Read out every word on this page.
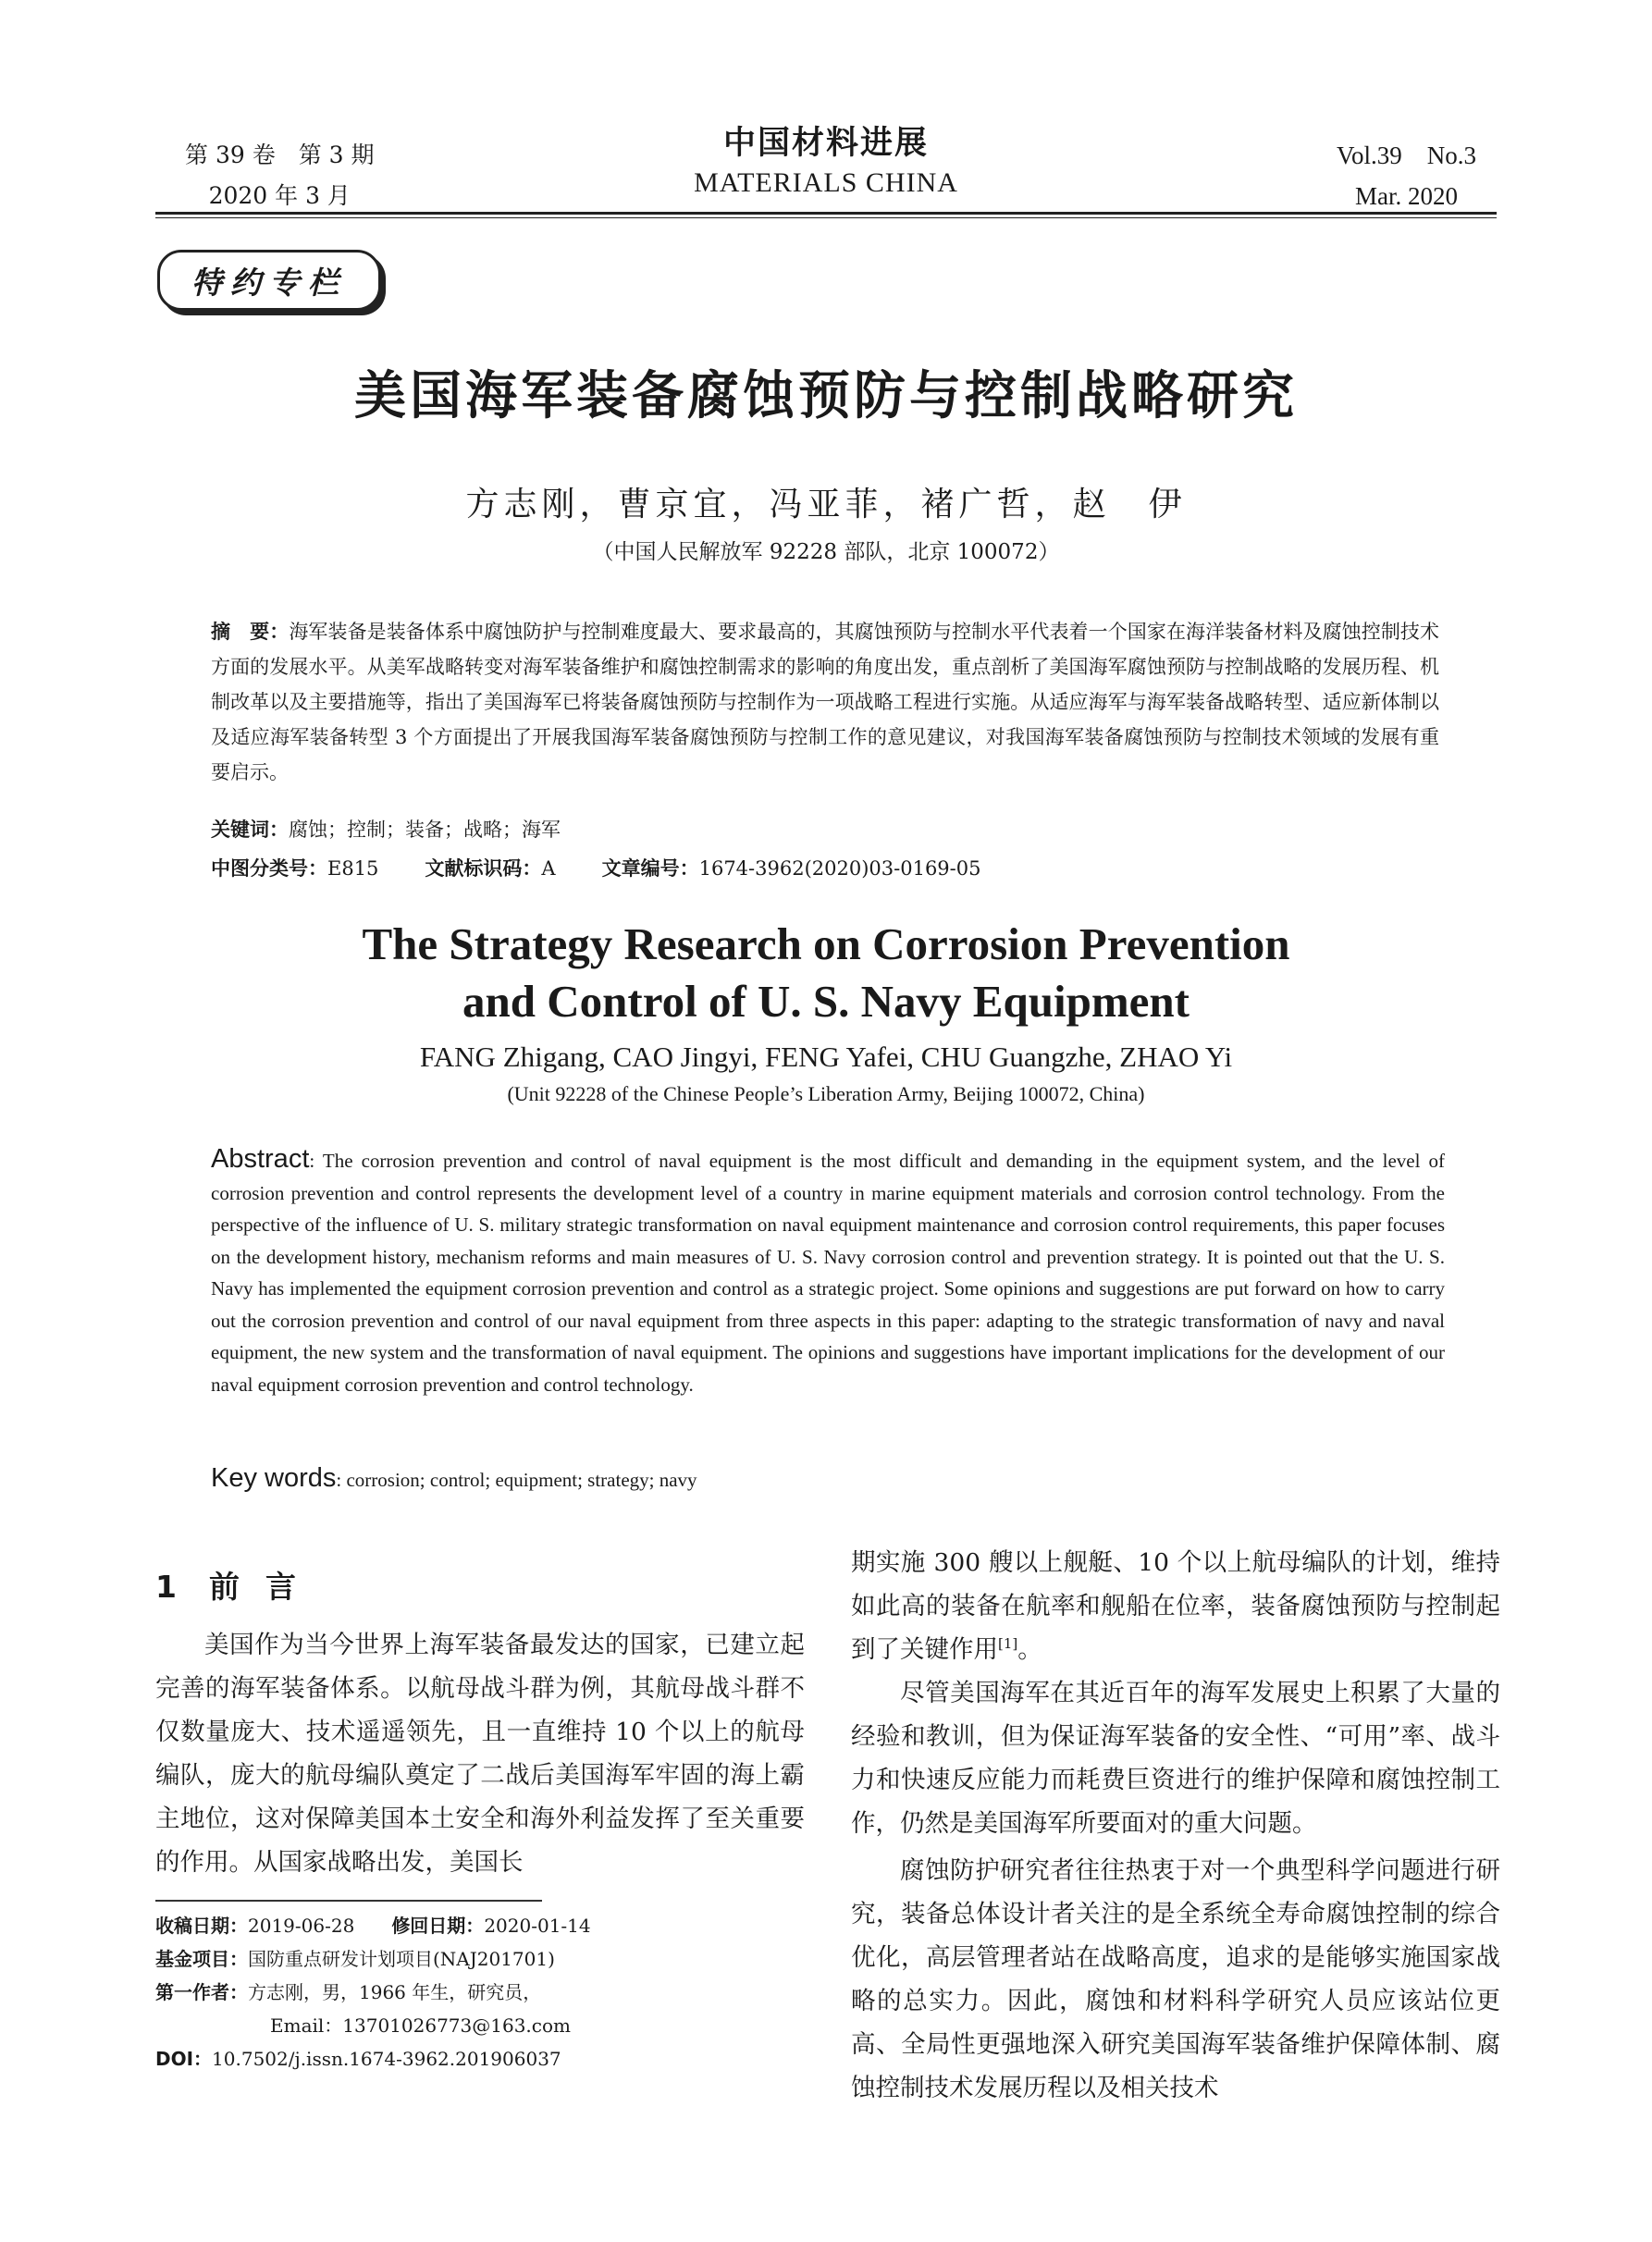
第 39 卷　第 3 期
2020 年 3 月
中国材料进展
MATERIALS CHINA
Vol.39　No.3
Mar. 2020
特约专栏
美国海军装备腐蚀预防与控制战略研究
方志刚，曹京宜，冯亚菲，褚广哲，赵　伊
（中国人民解放军 92228 部队，北京 100072）
摘　要：海军装备是装备体系中腐蚀防护与控制难度最大、要求最高的，其腐蚀预防与控制水平代表着一个国家在海洋装备材料及腐蚀控制技术方面的发展水平。从美军战略转变对海军装备维护和腐蚀控制需求的影响的角度出发，重点剖析了美国海军腐蚀预防与控制战略的发展历程、机制改革以及主要措施等，指出了美国海军已将装备腐蚀预防与控制作为一项战略工程进行实施。从适应海军与海军装备战略转型、适应新体制以及适应海军装备转型 3 个方面提出了开展我国海军装备腐蚀预防与控制工作的意见建议，对我国海军装备腐蚀预防与控制技术领域的发展有重要启示。
关键词：腐蚀；控制；装备；战略；海军
中图分类号：E815 文献标识码：A 文章编号：1674-3962(2020)03-0169-05
The Strategy Research on Corrosion Prevention
and Control of U. S. Navy Equipment
FANG Zhigang, CAO Jingyi, FENG Yafei, CHU Guangzhe, ZHAO Yi
(Unit 92228 of the Chinese People’s Liberation Army, Beijing 100072, China)
Abstract: The corrosion prevention and control of naval equipment is the most difficult and demanding in the equipment system, and the level of corrosion prevention and control represents the development level of a country in marine equipment materials and corrosion control technology. From the perspective of the influence of U. S. military strategic transformation on naval equipment maintenance and corrosion control requirements, this paper focuses on the development history, mechanism reforms and main measures of U. S. Navy corrosion control and prevention strategy. It is pointed out that the U. S. Navy has implemented the equipment corrosion prevention and control as a strategic project. Some opinions and suggestions are put forward on how to carry out the corrosion prevention and control of our naval equipment from three aspects in this paper: adapting to the strategic transformation of navy and naval equipment, the new system and the transformation of naval equipment. The opinions and suggestions have important implications for the development of our naval equipment corrosion prevention and control technology.
Key words: corrosion; control; equipment; strategy; navy
1 前言
美国作为当今世界上海军装备最发达的国家，已建立起完善的海军装备体系。以航母战斗群为例，其航母战斗群不仅数量庞大、技术遥遥领先，且一直维持 10 个以上的航母编队，庞大的航母编队奠定了二战后美国海军牢固的海上霸主地位，这对保障美国本土安全和海外利益发挥了至关重要的作用。从国家战略出发，美国长
期实施 300 艘以上舰艇、10 个以上航母编队的计划，维持如此高的装备在航率和舰船在位率，装备腐蚀预防与控制起到了关键作用[1]。
尽管美国海军在其近百年的海军发展史上积累了大量的经验和教训，但为保证海军装备的安全性、“可用”率、战斗力和快速反应能力而耗费巨资进行的维护保障和腐蚀控制工作，仍然是美国海军所要面对的重大问题。
腐蚀防护研究者往往热衷于对一个典型科学问题进行研究，装备总体设计者关注的是全系统全寿命腐蚀控制的综合优化，高层管理者站在战略高度，追求的是能够实施国家战略的总实力。因此，腐蚀和材料科学研究人员应该站位更高、全局性更强地深入研究美国海军装备维护保障体制、腐蚀控制技术发展历程以及相关技术
收稿日期：2019-06-28 修回日期：2020-01-14
基金项目：国防重点研发计划项目(NAJ201701)
第一作者：方志刚，男，1966 年生，研究员，
Email：13701026773@163.com
DOI：10.7502/j.issn.1674-3962.201906037
